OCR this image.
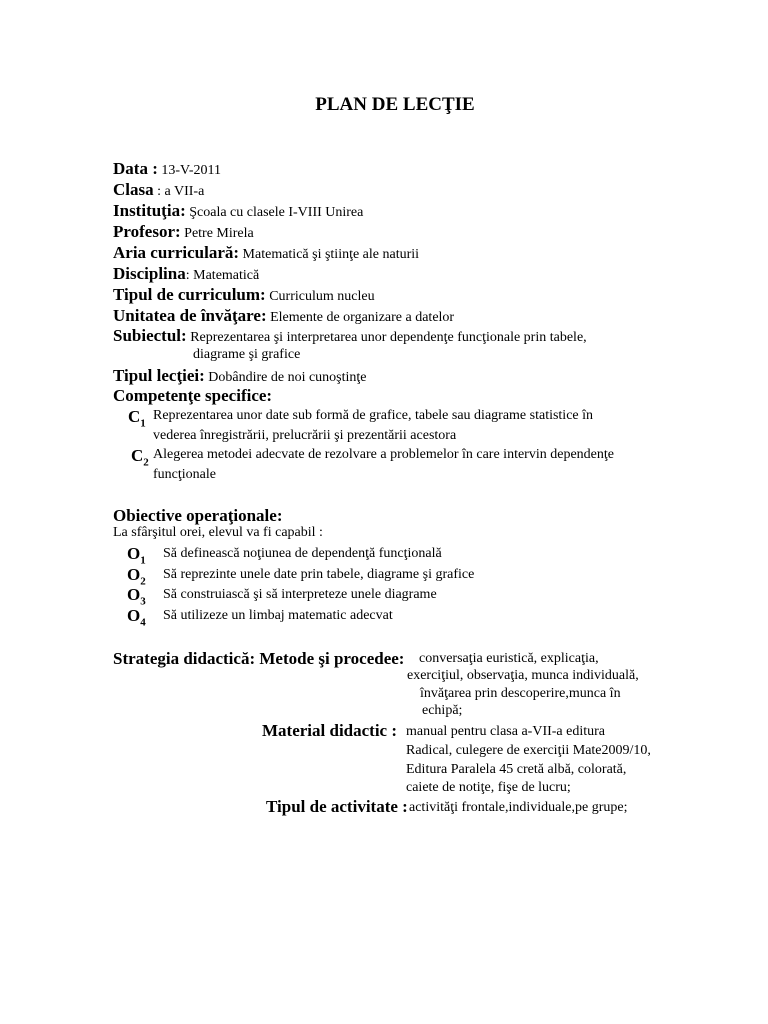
PLAN DE LECŢIE
Data : 13-V-2011
Clasa : a VII-a
Instituţia: Şcoala cu clasele I-VIII Unirea
Profesor: Petre Mirela
Aria curriculară: Matematică şi ştiinţe ale naturii
Disciplina: Matematică
Tipul de curriculum: Curriculum nucleu
Unitatea de învăţare: Elemente de organizare a datelor
Subiectul: Reprezentarea şi interpretarea unor dependenţe funcţionale prin tabele,
diagrame şi grafice
Tipul lecţiei: Dobândire de noi cunoştinţe
Competenţe specifice:
$C_1$
Reprezentarea unor date sub formă de grafice, tabele sau diagrame statistice în
vederea înregistrării, prelucrării şi prezentării acestora
$C_2$
Alegerea metodei adecvate de rezolvare a problemelor în care intervin dependenţe
funcţionale
Obiective operaţionale:
La sfârşitul orei, elevul va fi capabil :
$O_1$ Să definească noţiunea de dependenţă funcţională
$O_2$ Să reprezinte unele date prin tabele, diagrame şi grafice
$O_3$ Să construiască şi să interpreteze unele diagrame
$O_4$ Să utilizeze un limbaj matematic adecvat
Strategia didactică: Metode şi procedee: conversaţia euristică, explicaţia,
exerciţiul, observaţia, munca individuală,
învăţarea prin descoperire,munca în
echipă;
Material didactic : manual pentru clasa a-VII-a editura
Radical, culegere de exerciţii Mate2009/10,
Editura Paralela 45 cretă albă, colorată,
caiete de notiţe, fişe de lucru;
Tipul de activitate : activităţi frontale,individuale,pe grupe;
